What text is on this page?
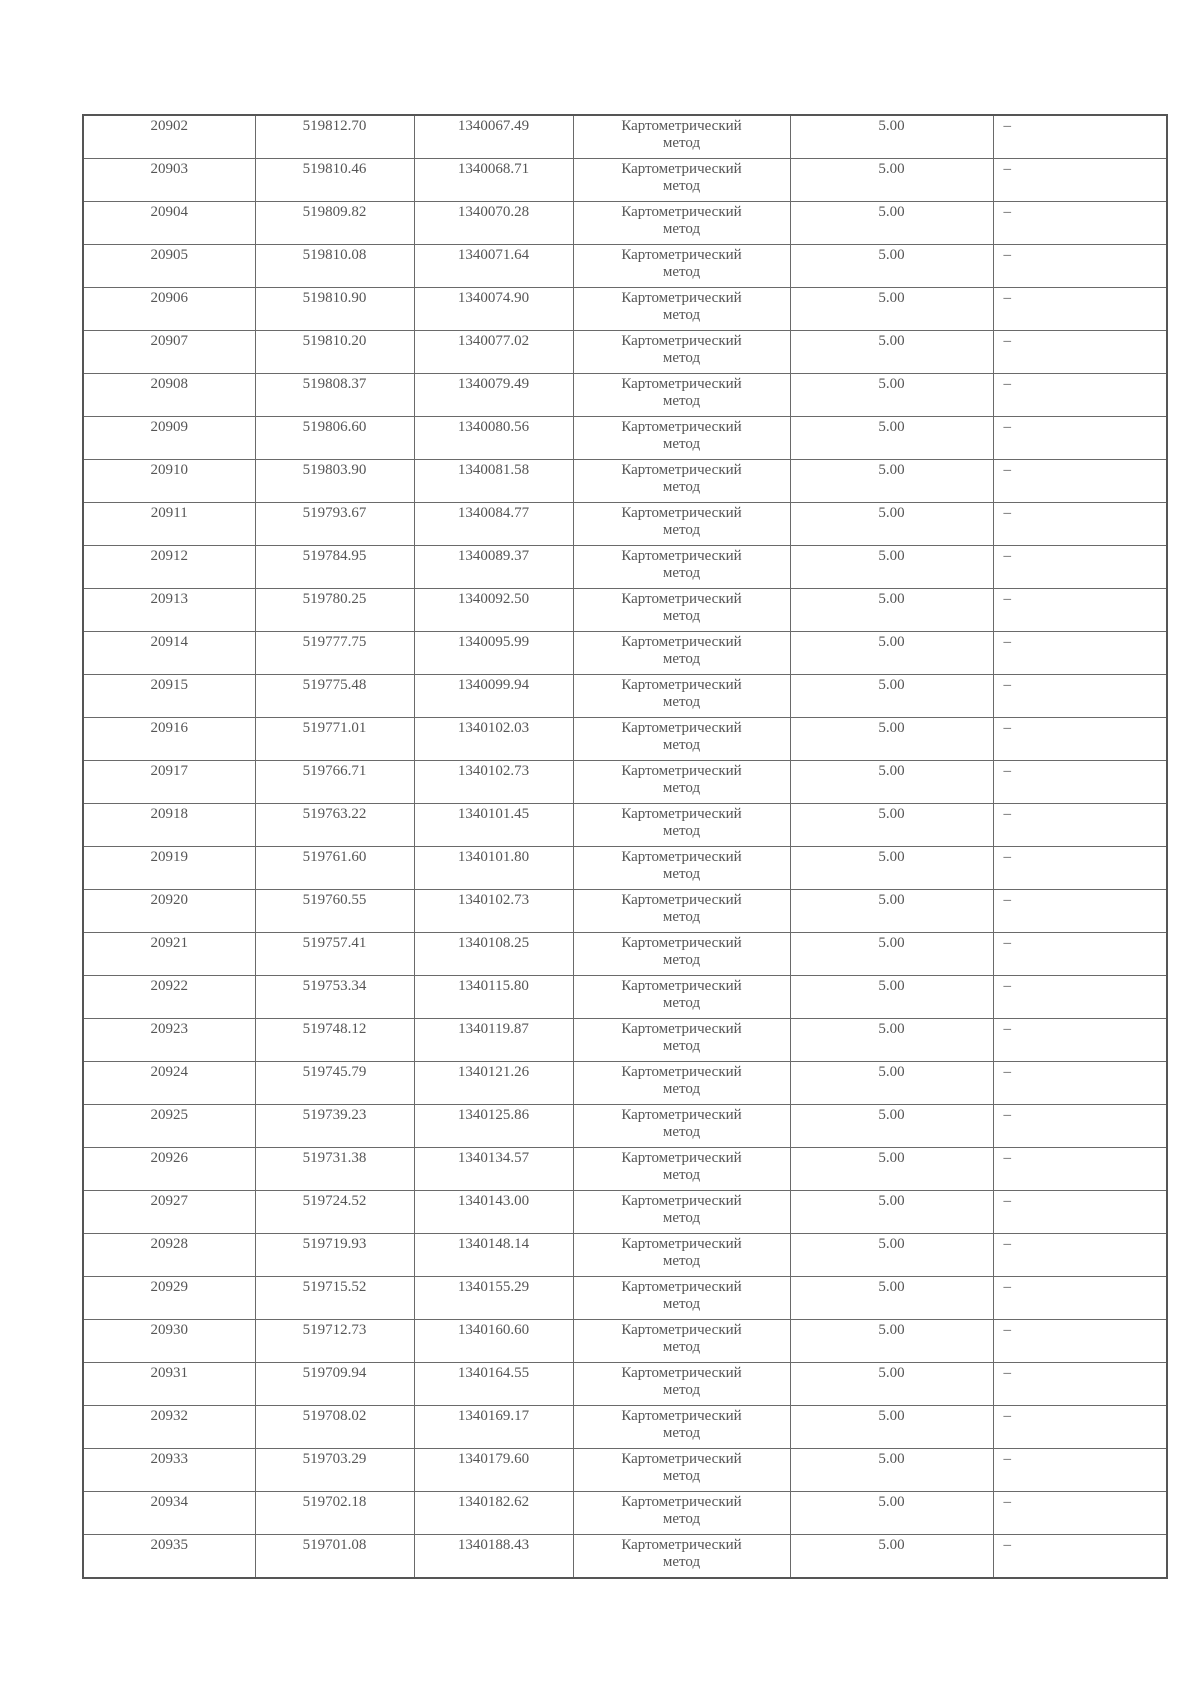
20902	519812.70	1340067.49	Картометрический
метод	5.00	–
20903	519810.46	1340068.71	Картометрический
метод	5.00	–
20904	519809.82	1340070.28	Картометрический
метод	5.00	–
20905	519810.08	1340071.64	Картометрический
метод	5.00	–
20906	519810.90	1340074.90	Картометрический
метод	5.00	–
20907	519810.20	1340077.02	Картометрический
метод	5.00	–
20908	519808.37	1340079.49	Картометрический
метод	5.00	–
20909	519806.60	1340080.56	Картометрический
метод	5.00	–
20910	519803.90	1340081.58	Картометрический
метод	5.00	–
20911	519793.67	1340084.77	Картометрический
метод	5.00	–
20912	519784.95	1340089.37	Картометрический
метод	5.00	–
20913	519780.25	1340092.50	Картометрический
метод	5.00	–
20914	519777.75	1340095.99	Картометрический
метод	5.00	–
20915	519775.48	1340099.94	Картометрический
метод	5.00	–
20916	519771.01	1340102.03	Картометрический
метод	5.00	–
20917	519766.71	1340102.73	Картометрический
метод	5.00	–
20918	519763.22	1340101.45	Картометрический
метод	5.00	–
20919	519761.60	1340101.80	Картометрический
метод	5.00	–
20920	519760.55	1340102.73	Картометрический
метод	5.00	–
20921	519757.41	1340108.25	Картометрический
метод	5.00	–
20922	519753.34	1340115.80	Картометрический
метод	5.00	–
20923	519748.12	1340119.87	Картометрический
метод	5.00	–
20924	519745.79	1340121.26	Картометрический
метод	5.00	–
20925	519739.23	1340125.86	Картометрический
метод	5.00	–
20926	519731.38	1340134.57	Картометрический
метод	5.00	–
20927	519724.52	1340143.00	Картометрический
метод	5.00	–
20928	519719.93	1340148.14	Картометрический
метод	5.00	–
20929	519715.52	1340155.29	Картометрический
метод	5.00	–
20930	519712.73	1340160.60	Картометрический
метод	5.00	–
20931	519709.94	1340164.55	Картометрический
метод	5.00	–
20932	519708.02	1340169.17	Картометрический
метод	5.00	–
20933	519703.29	1340179.60	Картометрический
метод	5.00	–
20934	519702.18	1340182.62	Картометрический
метод	5.00	–
20935	519701.08	1340188.43	Картометрический
метод	5.00	–
